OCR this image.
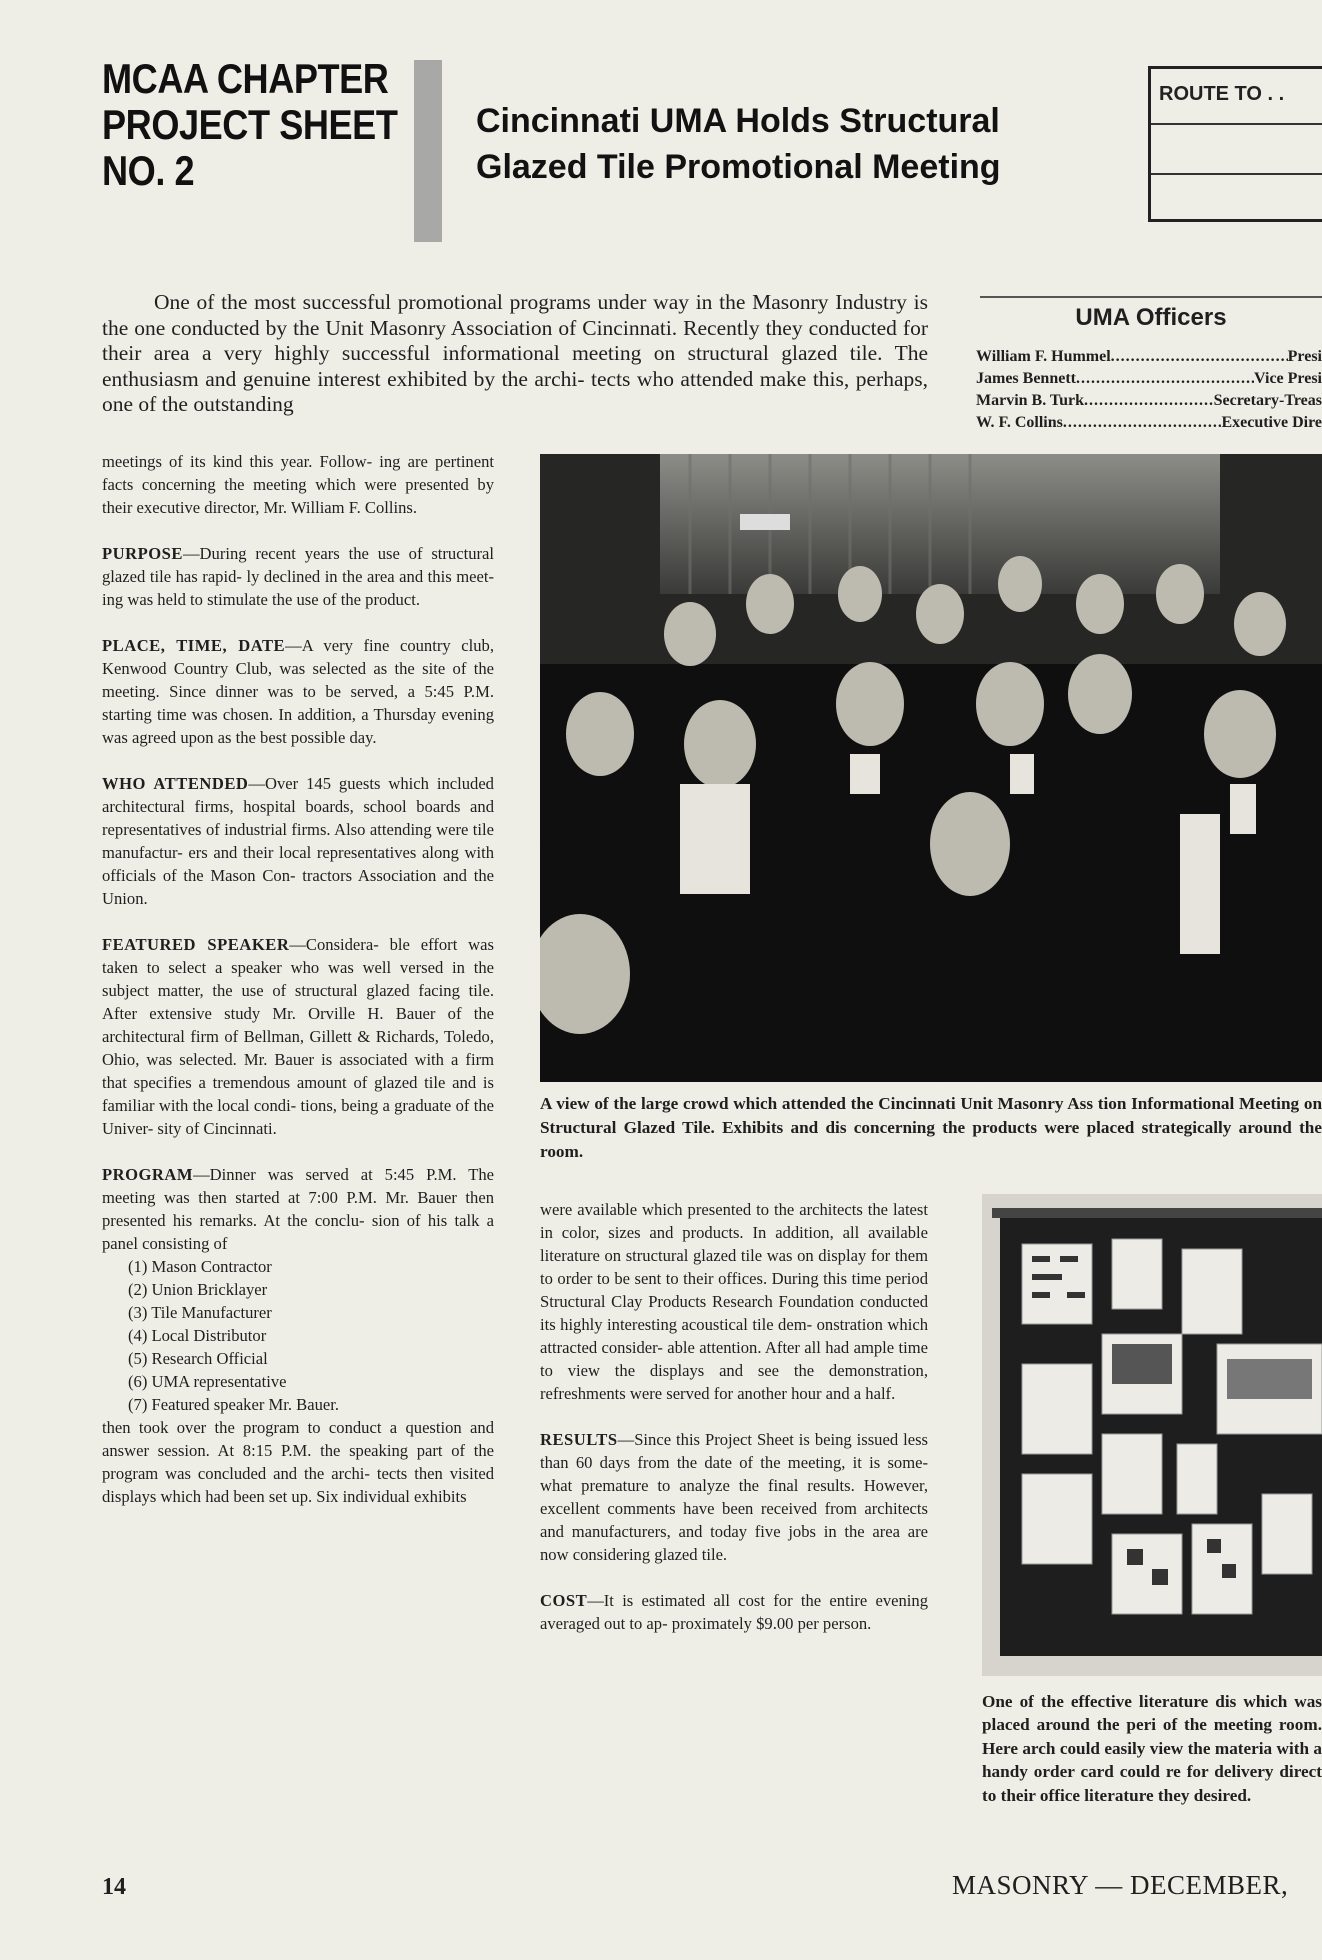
MCAA CHAPTER
PROJECT SHEET
NO. 2
Cincinnati UMA Holds Structural
Glazed Tile Promotional Meeting
ROUTE TO . .

One of the most successful promotional programs under way in the Masonry Industry is the one conducted by the Unit Masonry Association of Cincinnati. Recently they conducted for their area a very highly successful informational meeting on structural glazed tile. The enthusiasm and genuine interest exhibited by the archi- tects who attended make this, perhaps, one of the outstanding

UMA Officers
William F. Hummel .....	Presi
James Bennett .....	Vice Presi
Marvin B. Turk .....	Secretary-Treas
W. F. Collins .....	Executive Dire

meetings of its kind this year. Follow- ing are pertinent facts concerning the meeting which were presented by their executive director, Mr. William F. Collins.

PURPOSE—During recent years the use of structural glazed tile has rapid- ly declined in the area and this meet- ing was held to stimulate the use of the product.

PLACE, TIME, DATE—A very fine country club, Kenwood Country Club, was selected as the site of the meeting. Since dinner was to be served, a 5:45 P.M. starting time was chosen. In addition, a Thursday evening was agreed upon as the best possible day.

WHO ATTENDED—Over 145 guests which included architectural firms, hospital boards, school boards and representatives of industrial firms. Also attending were tile manufactur- ers and their local representatives along with officials of the Mason Con- tractors Association and the Union.

FEATURED SPEAKER—Considera- ble effort was taken to select a speaker who was well versed in the subject matter, the use of structural glazed facing tile. After extensive study Mr. Orville H. Bauer of the architectural firm of Bellman, Gillett & Richards, Toledo, Ohio, was selected. Mr. Bauer is associated with a firm that specifies a tremendous amount of glazed tile and is familiar with the local condi- tions, being a graduate of the Univer- sity of Cincinnati.

PROGRAM—Dinner was served at 5:45 P.M. The meeting was then started at 7:00 P.M. Mr. Bauer then presented his remarks. At the conclu- sion of his talk a panel consisting of

(1) Mason Contractor
(2) Union Bricklayer
(3) Tile Manufacturer
(4) Local Distributor
(5) Research Official
(6) UMA representative
(7) Featured speaker Mr. Bauer.

then took over the program to conduct a question and answer session. At 8:15 P.M. the speaking part of the program was concluded and the archi- tects then visited displays which had been set up. Six individual exhibits

A view of the large crowd which attended the Cincinnati Unit Masonry Ass tion Informational Meeting on Structural Glazed Tile. Exhibits and dis concerning the products were placed strategically around the room.

were available which presented to the architects the latest in color, sizes and products. In addition, all available literature on structural glazed tile was on display for them to order to be sent to their offices. During this time period Structural Clay Products Research Foundation conducted its highly interesting acoustical tile dem- onstration which attracted consider- able attention. After all had ample time to view the displays and see the demonstration, refreshments were served for another hour and a half.

RESULTS—Since this Project Sheet is being issued less than 60 days from the date of the meeting, it is some- what premature to analyze the final results. However, excellent comments have been received from architects and manufacturers, and today five jobs in the area are now considering glazed tile.

COST—It is estimated all cost for the entire evening averaged out to ap- proximately $9.00 per person.

One of the effective literature dis which was placed around the peri of the meeting room. Here arch could easily view the materia with a handy order card could re for delivery direct to their office literature they desired.
14	MASONRY — DECEMBER,
